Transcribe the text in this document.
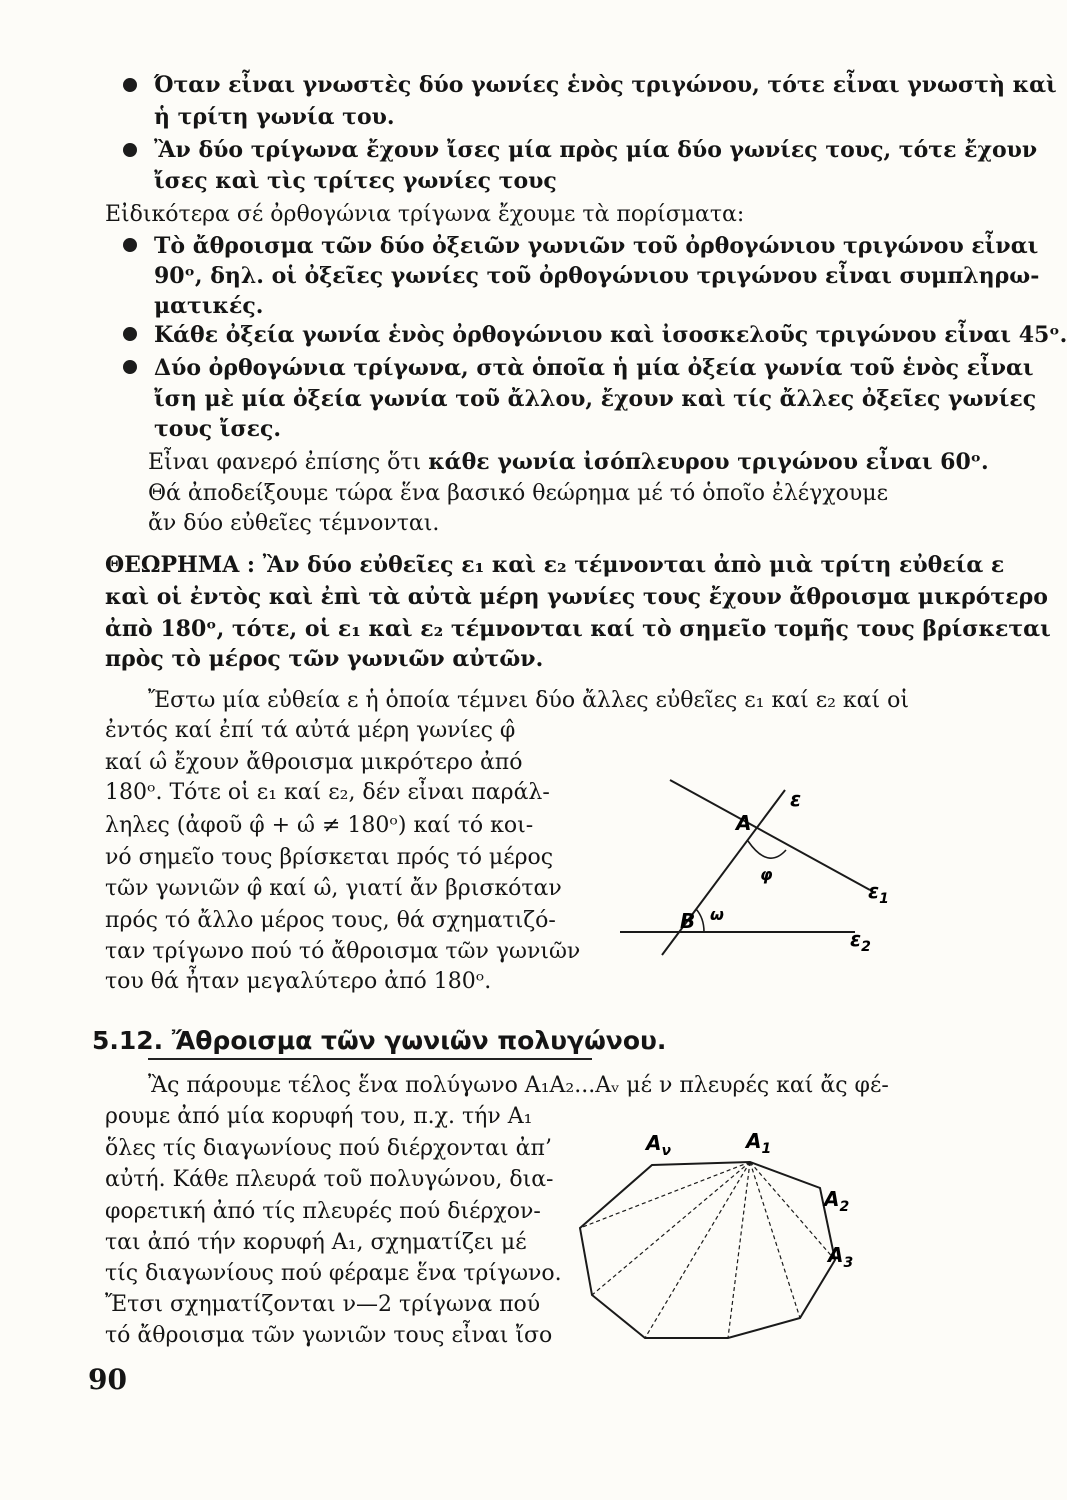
Όταν εἶναι γνωστὲς δύο γωνίες ἑνὸς τριγώνου, τότε εἶναι γνωστὴ καὶ
ἡ τρίτη γωνία του.
Ἂν δύο τρίγωνα ἔχουν ἴσες μία πρὸς μία δύο γωνίες τους, τότε ἔχουν
ἴσες καὶ τὶς τρίτες γωνίες τους
Εἰδικότερα σέ ὀρθογώνια τρίγωνα ἔχουμε τὰ πορίσματα:
Τὸ ἄθροισμα τῶν δύο ὀξειῶν γωνιῶν τοῦ ὀρθογώνιου τριγώνου εἶναι
90ᵒ, δηλ. οἱ ὀξεῖες γωνίες τοῦ ὀρθογώνιου τριγώνου εἶναι συμπληρω-
ματικές.
Κάθε ὀξεία γωνία ἑνὸς ὀρθογώνιου καὶ ἰσοσκελοῦς τριγώνου εἶναι 45ᵒ.
Δύο ὀρθογώνια τρίγωνα, στὰ ὁποῖα ἡ μία ὀξεία γωνία τοῦ ἑνὸς εἶναι
ἴση μὲ μία ὀξεία γωνία τοῦ ἄλλου, ἔχουν καὶ τίς ἄλλες ὀξεῖες γωνίες
τους ἴσες.
Εἶναι φανερό ἐπίσης ὅτι κάθε γωνία ἰσόπλευρου τριγώνου εἶναι 60ᵒ.
Θά ἀποδείξουμε τώρα ἕνα βασικό θεώρημα μέ τό ὁποῖο ἐλέγχουμε
ἄν δύο εὐθεῖες τέμνονται.
ΘΕΩΡΗΜΑ : Ἂν δύο εὐθεῖες ε₁ καὶ ε₂ τέμνονται ἀπὸ μιὰ τρίτη εὐθεία ε
καὶ οἱ ἐντὸς καὶ ἐπὶ τὰ αὐτὰ μέρη γωνίες τους ἔχουν ἄθροισμα μικρότερο
ἀπὸ 180ᵒ, τότε, οἱ ε₁ καὶ ε₂ τέμνονται καί τὸ σημεῖο τομῆς τους βρίσκεται
πρὸς τὸ μέρος τῶν γωνιῶν αὐτῶν.
Ἔστω μία εὐθεία ε ἡ ὁποία τέμνει δύο ἄλλες εὐθεῖες ε₁ καί ε₂ καί οἱ
ἐντός καί ἐπί τά αὐτά μέρη γωνίες φ̂
καί ω̂ ἔχουν ἄθροισμα μικρότερο ἀπό
180ᵒ. Τότε οἱ ε₁ καί ε₂, δέν εἶναι παράλ-
ληλες (ἀφοῦ φ̂ + ω̂ ≠ 180ᵒ) καί τό κοι-
νό σημεῖο τους βρίσκεται πρός τό μέρος
τῶν γωνιῶν φ̂ καί ω̂, γιατί ἄν βρισκόταν
πρός τό ἄλλο μέρος τους, θά σχηματιζό-
ταν τρίγωνο πού τό ἄθροισμα τῶν γωνιῶν
του θά ἦταν μεγαλύτερο ἀπό 180ᵒ.
ε
A
φ
B ω
$\varepsilon_1$
$\varepsilon_2$
5.12. Ἄθροισμα τῶν γωνιῶν πολυγώνου.
Ἂς πάρουμε τέλος ἕνα πολύγωνο Α₁Α₂...Αᵥ μέ ν πλευρές καί ἄς φέ-
ρουμε ἀπό μία κορυφή του, π.χ. τήν Α₁
ὅλες τίς διαγωνίους πού διέρχονται ἀπ’
αὐτή. Κάθε πλευρά τοῦ πολυγώνου, δια-
φορετική ἀπό τίς πλευρές πού διέρχον-
ται ἀπό τήν κορυφή Α₁, σχηματίζει μέ
τίς διαγωνίους πού φέραμε ἕνα τρίγωνο.
Ἔτσι σχηματίζονται ν—2 τρίγωνα πού
τό ἄθροισμα τῶν γωνιῶν τους εἶναι ἴσο
$A_\nu$	$A_1$
$A_2$
$A_3$
90
